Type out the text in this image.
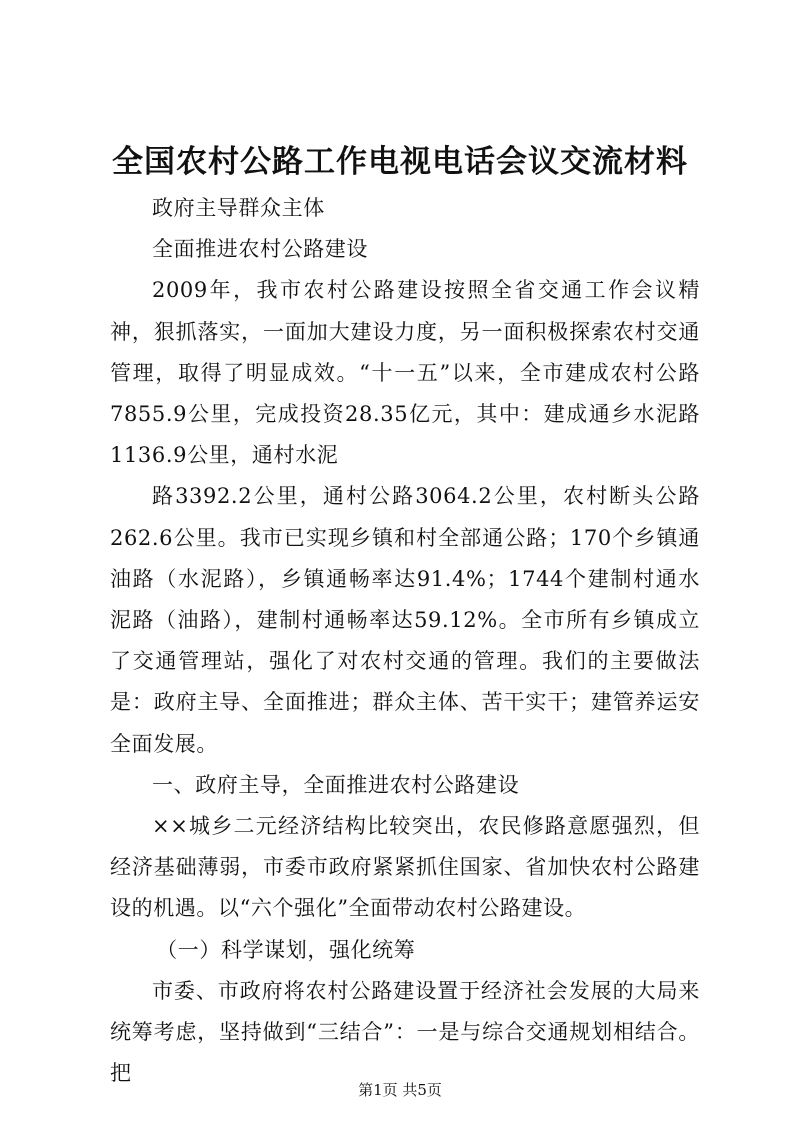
全国农村公路工作电视电话会议交流材料

政府主导群众主体

全面推进农村公路建设

2009年，我市农村公路建设按照全省交通工作会议精神，狠抓落实，一面加大建设力度，另一面积极探索农村交通管理，取得了明显成效。“十一五”以来，全市建成农村公路7855.9公里，完成投资28.35亿元，其中：建成通乡水泥路1136.9公里，通村水泥

路3392.2公里，通村公路3064.2公里，农村断头公路262.6公里。我市已实现乡镇和村全部通公路；170个乡镇通油路（水泥路），乡镇通畅率达91.4%；1744个建制村通水泥路（油路），建制村通畅率达59.12%。全市所有乡镇成立了交通管理站，强化了对农村交通的管理。我们的主要做法是：政府主导、全面推进；群众主体、苦干实干；建管养运安全面发展。

一、政府主导，全面推进农村公路建设

××城乡二元经济结构比较突出，农民修路意愿强烈，但经济基础薄弱，市委市政府紧紧抓住国家、省加快农村公路建设的机遇。以“六个强化”全面带动农村公路建设。

（一）科学谋划，强化统筹

市委、市政府将农村公路建设置于经济社会发展的大局来统筹考虑，坚持做到“三结合”：一是与综合交通规划相结合。把

第1页 共5页
